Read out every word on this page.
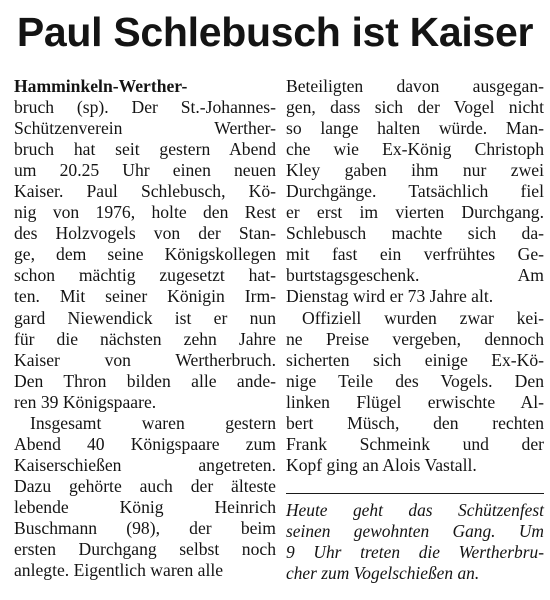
Paul Schlebusch ist Kaiser
Hamminkeln-Werther-
bruch (sp). Der St.-Johannes-
Schützenverein Werther-
bruch hat seit gestern Abend
um 20.25 Uhr einen neuen
Kaiser. Paul Schlebusch, Kö-
nig von 1976, holte den Rest
des Holzvogels von der Stan-
ge, dem seine Königskollegen
schon mächtig zugesetzt hat-
ten. Mit seiner Königin Irm-
gard Niewendick ist er nun
für die nächsten zehn Jahre
Kaiser von Wertherbruch.
Den Thron bilden alle ande-
ren 39 Königspaare.
Insgesamt waren gestern
Abend 40 Königspaare zum
Kaiserschießen angetreten.
Dazu gehörte auch der älteste
lebende König Heinrich
Buschmann (98), der beim
ersten Durchgang selbst noch
anlegte. Eigentlich waren alle
Beteiligten davon ausgegan-
gen, dass sich der Vogel nicht
so lange halten würde. Man-
che wie Ex-König Christoph
Kley gaben ihm nur zwei
Durchgänge. Tatsächlich fiel
er erst im vierten Durchgang.
Schlebusch machte sich da-
mit fast ein verfrühtes Ge-
burtstagsgeschenk. Am
Dienstag wird er 73 Jahre alt.
Offiziell wurden zwar kei-
ne Preise vergeben, dennoch
sicherten sich einige Ex-Kö-
nige Teile des Vogels. Den
linken Flügel erwischte Al-
bert Müsch, den rechten
Frank Schmeink und der
Kopf ging an Alois Vastall.
Heute geht das Schützenfest
seinen gewohnten Gang. Um
9 Uhr treten die Wertherbru-
cher zum Vogelschießen an.
